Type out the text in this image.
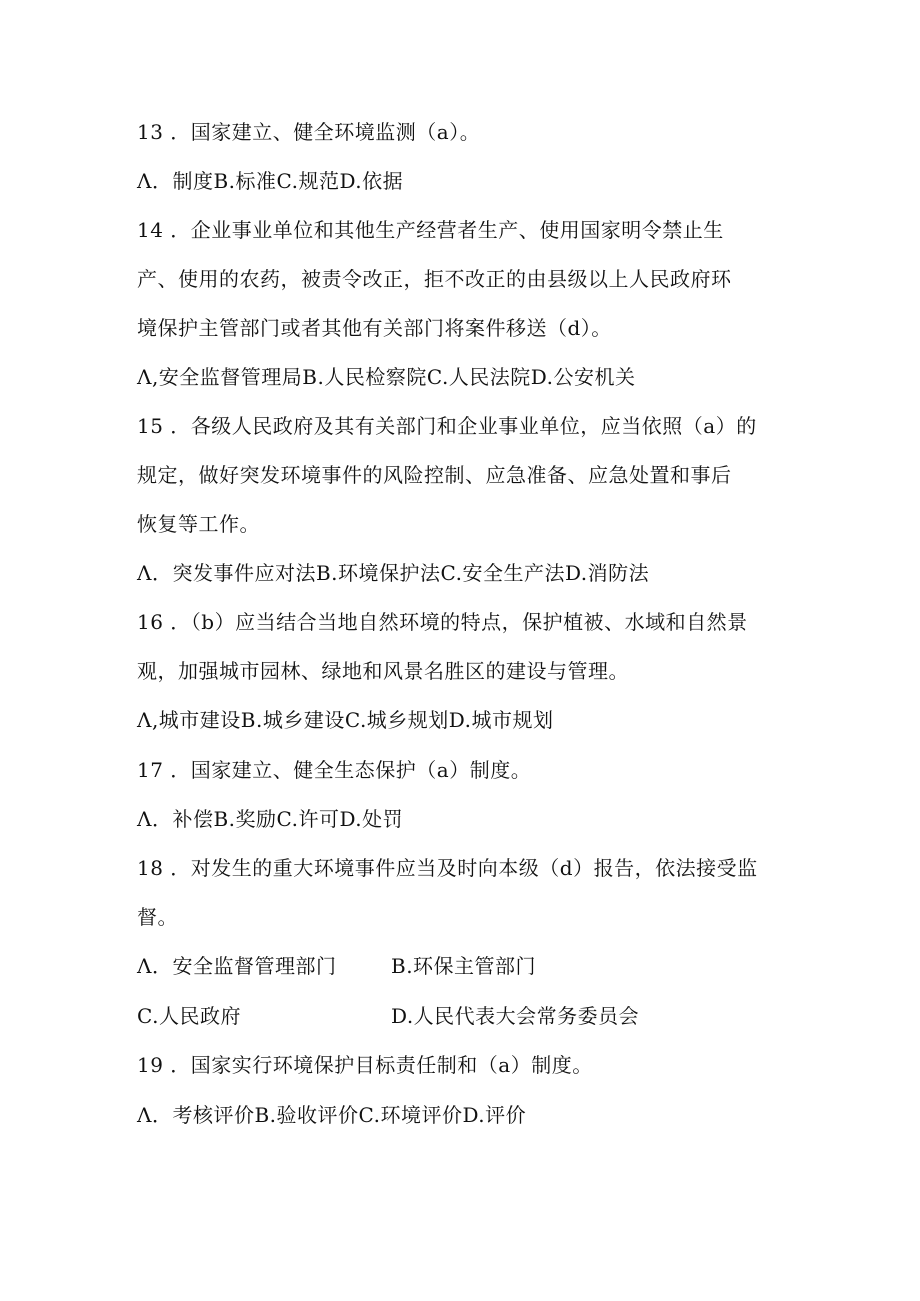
13 ．国家建立、健全环境监测（a）。
Λ．制度B.标准C.规范D.依据
14 ．企业事业单位和其他生产经营者生产、使用国家明令禁止生
产、使用的农药，被责令改正，拒不改正的由县级以上人民政府环
境保护主管部门或者其他有关部门将案件移送（d）。
Λ,安全监督管理局B.人民检察院C.人民法院D.公安机关
15 ．各级人民政府及其有关部门和企业事业单位，应当依照（a）的
规定，做好突发环境事件的风险控制、应急准备、应急处置和事后
恢复等工作。
Λ．突发事件应对法B.环境保护法C.安全生产法D.消防法
16 ．（b）应当结合当地自然环境的特点，保护植被、水域和自然景
观，加强城市园林、绿地和风景名胜区的建设与管理。
Λ,城市建设B.城乡建设C.城乡规划D.城市规划
17 ．国家建立、健全生态保护（a）制度。
Λ．补偿B.奖励C.许可D.处罚
18 ．对发生的重大环境事件应当及时向本级（d）报告，依法接受监
督。
Λ．安全监督管理部门	B.环保主管部门
C.人民政府	D.人民代表大会常务委员会
19 ．国家实行环境保护目标责任制和（a）制度。
Λ．考核评价B.验收评价C.环境评价D.评价
